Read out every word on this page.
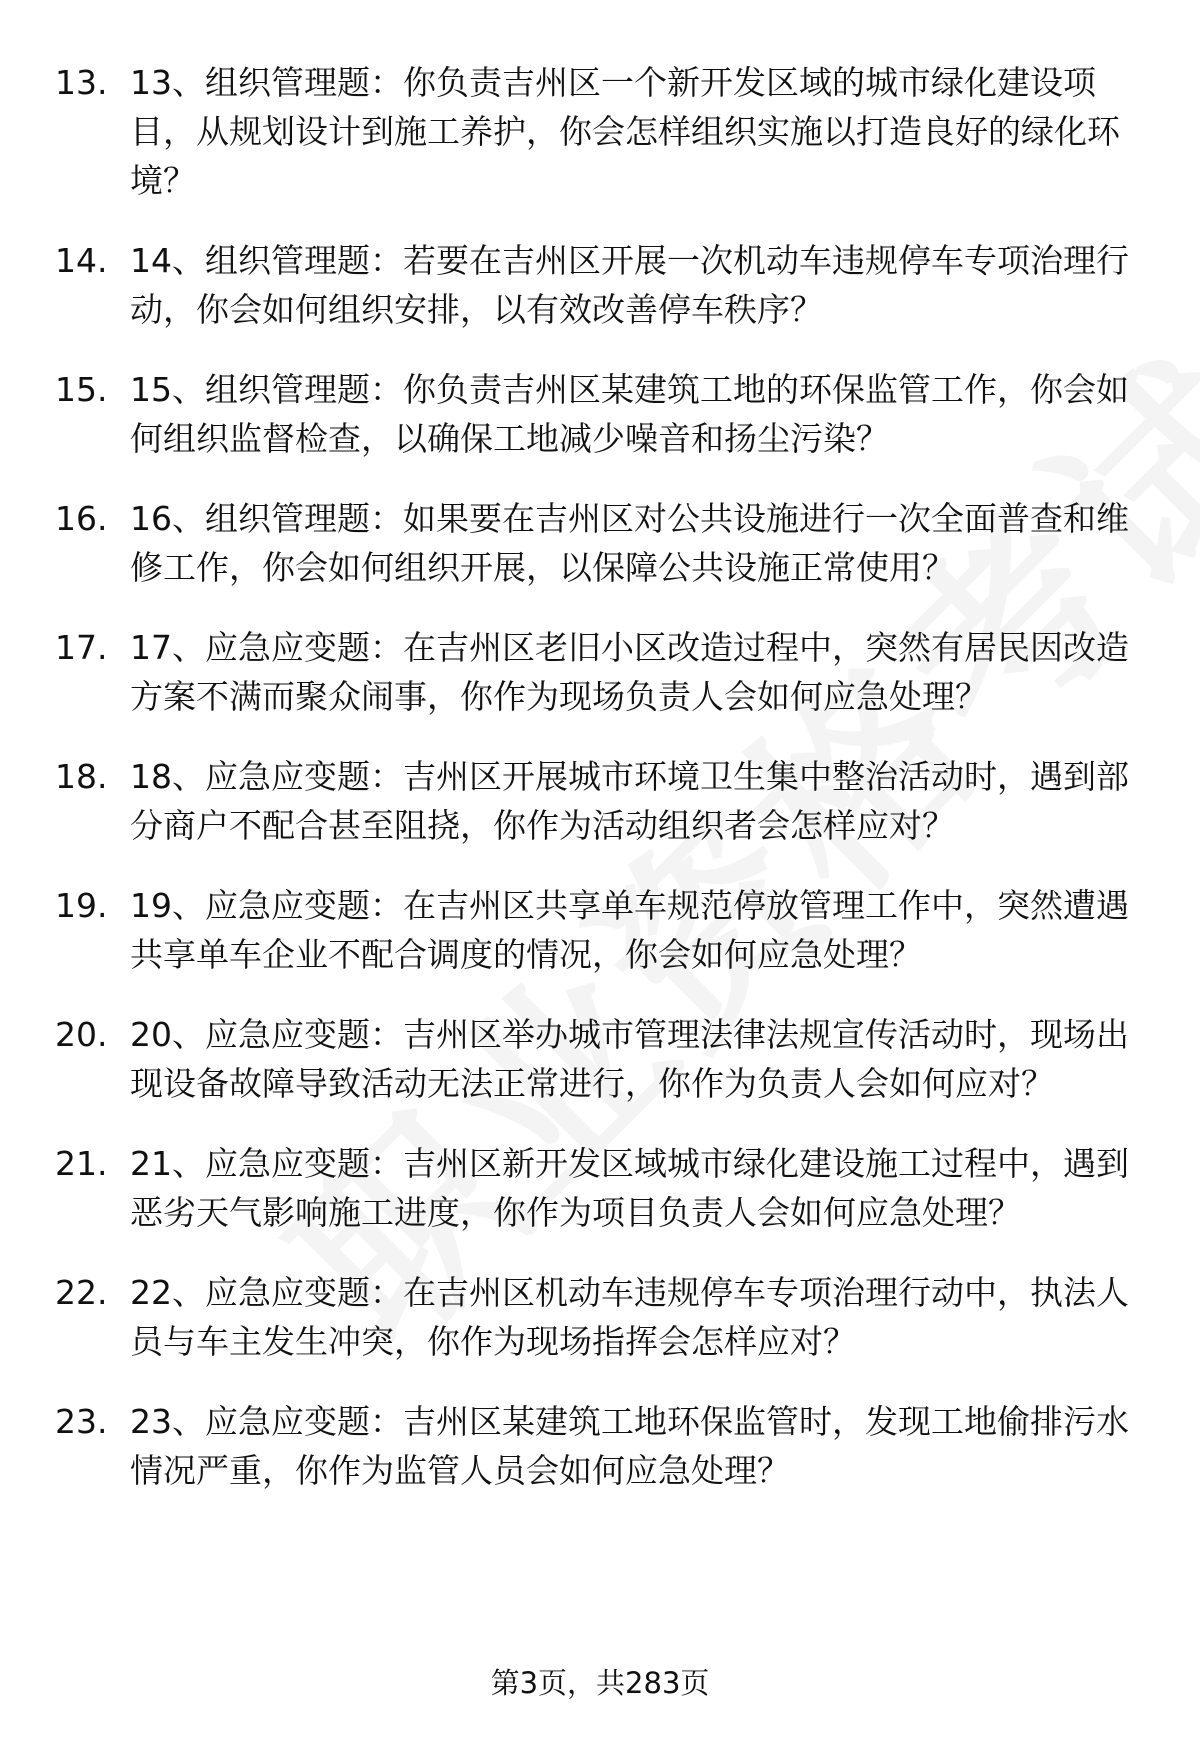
13. 13、组织管理题：你负责吉州区一个新开发区域的城市绿化建设项目，从规划设计到施工养护，你会怎样组织实施以打造良好的绿化环境？
14. 14、组织管理题：若要在吉州区开展一次机动车违规停车专项治理行动，你会如何组织安排，以有效改善停车秩序？
15. 15、组织管理题：你负责吉州区某建筑工地的环保监管工作，你会如何组织监督检查，以确保工地减少噪音和扬尘污染？
16. 16、组织管理题：如果要在吉州区对公共设施进行一次全面普查和维修工作，你会如何组织开展，以保障公共设施正常使用？
17. 17、应急应变题：在吉州区老旧小区改造过程中，突然有居民因改造方案不满而聚众闹事，你作为现场负责人会如何应急处理？
18. 18、应急应变题：吉州区开展城市环境卫生集中整治活动时，遇到部分商户不配合甚至阻挠，你作为活动组织者会怎样应对？
19. 19、应急应变题：在吉州区共享单车规范停放管理工作中，突然遭遇共享单车企业不配合调度的情况，你会如何应急处理？
20. 20、应急应变题：吉州区举办城市管理法律法规宣传活动时，现场出现设备故障导致活动无法正常进行，你作为负责人会如何应对？
21. 21、应急应变题：吉州区新开发区域城市绿化建设施工过程中，遇到恶劣天气影响施工进度，你作为项目负责人会如何应急处理？
22. 22、应急应变题：在吉州区机动车违规停车专项治理行动中，执法人员与车主发生冲突，你作为现场指挥会怎样应对？
23. 23、应急应变题：吉州区某建筑工地环保监管时，发现工地偷排污水情况严重，你作为监管人员会如何应急处理？
第3页，共283页
